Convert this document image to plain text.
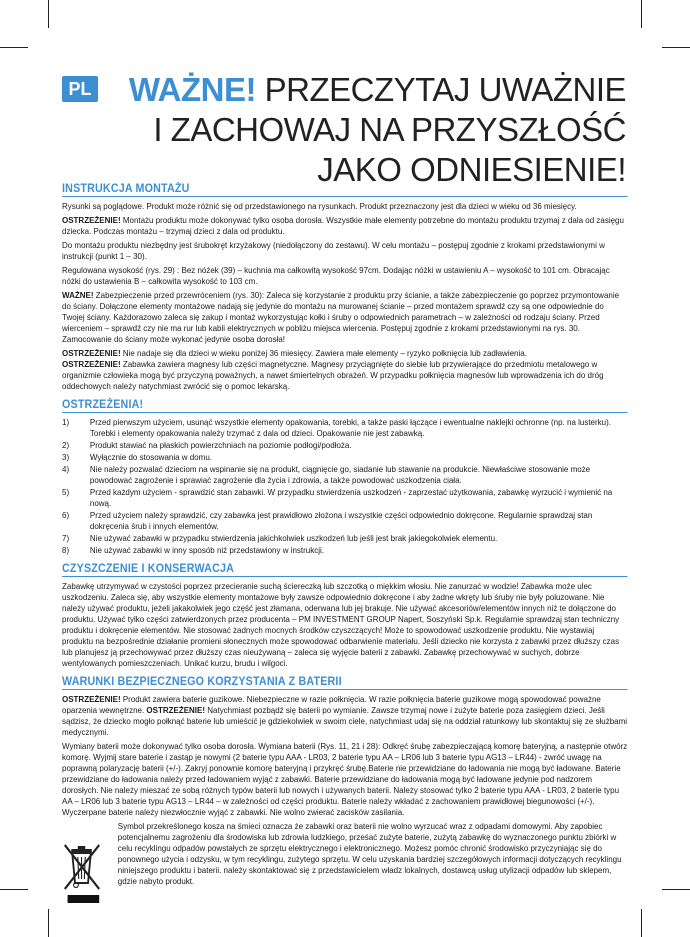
PL WAŻNE! PRZECZYTAJ UWAŻNIE
I ZACHOWAJ NA PRZYSZŁOŚĆ
JAKO ODNIESIENIE!
INSTRUKCJA MONTAŻU

Rysunki są poglądowe. Produkt może różnić się od przedstawionego na rysunkach. Produkt przeznaczony jest dla dzieci w wieku od 36 miesięcy.

OSTRZEŻENIE! Montażu produktu może dokonywać tylko osoba dorosła. Wszystkie małe elementy potrzebne do montażu produktu trzymaj z dala od zasięgu dziecka. Podczas montażu – trzymaj dzieci z dala od produktu.

Do montażu produktu niezbędny jest śrubokręt krzyżakowy (niedołączony do zestawu). W celu montażu – postępuj zgodnie z krokami przedstawionymi w instrukcji (punkt 1 – 30).

Regulowana wysokość (rys. 29) : Bez nóżek (39) – kuchnia ma całkowitą wysokość 97cm. Dodając nóżki w ustawieniu A – wysokość to 101 cm. Obracając nóżki do ustawienia B – całkowita wysokość to 103 cm.

WAŻNE! Zabezpieczenie przed przewróceniem (rys. 30): Zaleca się korzystanie z produktu przy ścianie, a także zabezpieczenie go poprzez przymontowanie do ściany. Dołączone elementy montażowe nadają się jedynie do montażu na murowanej ścianie – przed montażem sprawdź czy są one odpowiednie do Twojej ściany. Każdorazowo zaleca się zakup i montaż wykorzystując kołki i śruby o odpowiednich parametrach – w zależności od rodzaju ściany. Przed wierceniem – sprawdź czy nie ma rur lub kabli elektrycznych w pobliżu miejsca wiercenia. Postępuj zgodnie z krokami przedstawionymi na rys. 30. Zamocowanie do ściany może wykonać jedynie osoba dorosła!

OSTRZEŻENIE! Nie nadaje się dla dzieci w wieku poniżej 36 miesięcy. Zawiera małe elementy – ryzyko połknięcia lub zadławienia.

OSTRZEŻENIE! Zabawka zawiera magnesy lub części magnetyczne. Magnesy przyciągnięte do siebie lub przywierające do przedmiotu metalowego w organizmie człowieka mogą być przyczyną poważnych, a nawet śmiertelnych obrażeń. W przypadku połknięcia magnesów lub wprowadzenia ich do dróg oddechowych należy natychmiast zwrócić się o pomoc lekarską.

OSTRZEŻENIA!
1) Przed pierwszym użyciem, usunąć wszystkie elementy opakowania, torebki, a także paski łączące i ewentualne naklejki ochronne (np. na lusterku). Torebki i elementy opakowania należy trzymać z dala od dzieci. Opakowanie nie jest zabawką.
2) Produkt stawiać na płaskich powierzchniach na poziomie podłogi/podłoża.
3) Wyłącznie do stosowania w domu.
4) Nie należy pozwalać dzieciom na wspinanie się na produkt, ciągnięcie go, siadanie lub stawanie na produkcie. Niewłaściwe stosowanie może powodować zagrożenie i sprawiać zagrożenie dla życia i zdrowia, a także powodować uszkodzenia ciała.
5) Przed każdym użyciem - sprawdzić stan zabawki. W przypadku stwierdzenia uszkodzeń - zaprzestać użytkowania, zabawkę wyrzucić i wymienić na nową.
6) Przed użyciem należy sprawdzić, czy zabawka jest prawidłowo złożona i wszystkie części odpowiednio dokręcone. Regularnie sprawdzaj stan dokręcenia śrub i innych elementów.
7) Nie używać zabawki w przypadku stwierdzenia jakichkolwiek uszkodzeń lub jeśli jest brak jakiegokolwiek elementu.
8) Nie używać zabawki w inny sposób niż przedstawiony w instrukcji.
CZYSZCZENIE I KONSERWACJA

Zabawkę utrzymywać w czystości poprzez przecieranie suchą ściereczką lub szczotką o miękkim włosiu. Nie zanurzać w wodzie! Zabawka może ulec uszkodzeniu. Zaleca się, aby wszystkie elementy montażowe były zawsze odpowiednio dokręcone i aby żadne wkręty lub śruby nie były poluzowane. Nie należy używać produktu, jeżeli jakakolwiek jego część jest złamana, oderwana lub jej brakuje. Nie używać akcesoriów/elementów innych niż te dołączone do produktu. Używać tylko części zatwierdzonych przez producenta – PM INVESTMENT GROUP Napert, Soszyński Sp.k. Regularnie sprawdzaj stan techniczny produktu i dokręcenie elementów. Nie stosować żadnych mocnych środków czyszczących! Może to spowodować uszkodzenie produktu. Nie wystawiaj produktu na bezpośrednie działanie promieni słonecznych może spowodować odbarwienie materiału. Jeśli dziecko nie korzysta z zabawki przez dłuższy czas lub planujesz ją przechowywać przez dłuższy czas nieużywaną – zaleca się wyjęcie baterii z zabawki. Zabawkę przechowywać w suchych, dobrze wentylowanych pomieszczeniach. Unikać kurzu, brudu i wilgoci.

WARUNKI BEZPIECZNEGO KORZYSTANIA Z BATERII

OSTRZEŻENIE! Produkt zawiera baterie guzikowe. Niebezpieczne w razie połknięcia. W razie połknięcia baterie guzikowe mogą spowodować poważne oparzenia wewnętrzne. OSTRZEŻENIE! Natychmiast pozbądź się baterii po wymianie. Zawsze trzymaj nowe i zużyte baterie poza zasięgiem dzieci. Jeśli sądzisz, że dziecko mogło połknąć baterie lub umieścić je gdziekolwiek w swoim ciele, natychmiast udaj się na oddział ratunkowy lub skontaktuj się ze służbami medycznymi.

Wymiany baterii może dokonywać tylko osoba dorosła. Wymiana baterii (Rys. 11, 21 i 28): Odkręć śrubę zabezpieczającą komorę bateryjną, a następnie otwórz komorę. Wyjmij stare baterie i zastąp je nowymi (2 baterie typu AAA - LR03, 2 baterie typu AA – LR06 lub 3 baterie typu AG13 – LR44) - zwróć uwagę na poprawną polaryzację baterii (+/-). Zakryj ponownie komorę bateryjną i przykręć śrubę.Baterie nie przewidziane do ładowania nie mogą być ładowane. Baterie przewidziane do ładowania należy przed ładowaniem wyjąć z zabawki. Baterie przewidziane do ładowania mogą być ładowane jedynie pod nadzorem dorosłych. Nie należy mieszać ze sobą różnych typów baterii lub nowych i używanych baterii. Należy stosować tylko 2 baterie typu AAA - LR03, 2 baterie typu AA – LR06 lub 3 baterie typu AG13 – LR44 – w zależności od części produktu. Baterie należy wkładać z zachowaniem prawidłowej biegunowości (+/-). Wyczerpane baterie należy niezwłocznie wyjąć z zabawki. Nie wolno zwierać zacisków zasilania.

Symbol przekreślonego kosza na śmieci oznacza że zabawki oraz baterii nie wolno wyrzucać wraz z odpadami domowymi. Aby zapobiec potencjalnemu zagrożeniu dla środowiska lub zdrowia ludzkiego, prześać zużyte baterie, zużytą zabawkę do wyznaczonego punktu zbiórki w celu recyklingu odpadów powstałych ze sprzętu elektrycznego i elektronicznego. Możesz pomóc chronić środowisko przyczyniając się do ponownego użycia i odzysku, w tym recyklingu, zużytego sprzętu. W celu uzyskania bardziej szczegółowych informacji dotyczących recyklingu niniejszego produktu i baterii. należy skontaktować się z przedstawicielem władz lokalnych, dostawcą usług utylizacji odpadów lub sklepem, gdzie nabyto produkt.
